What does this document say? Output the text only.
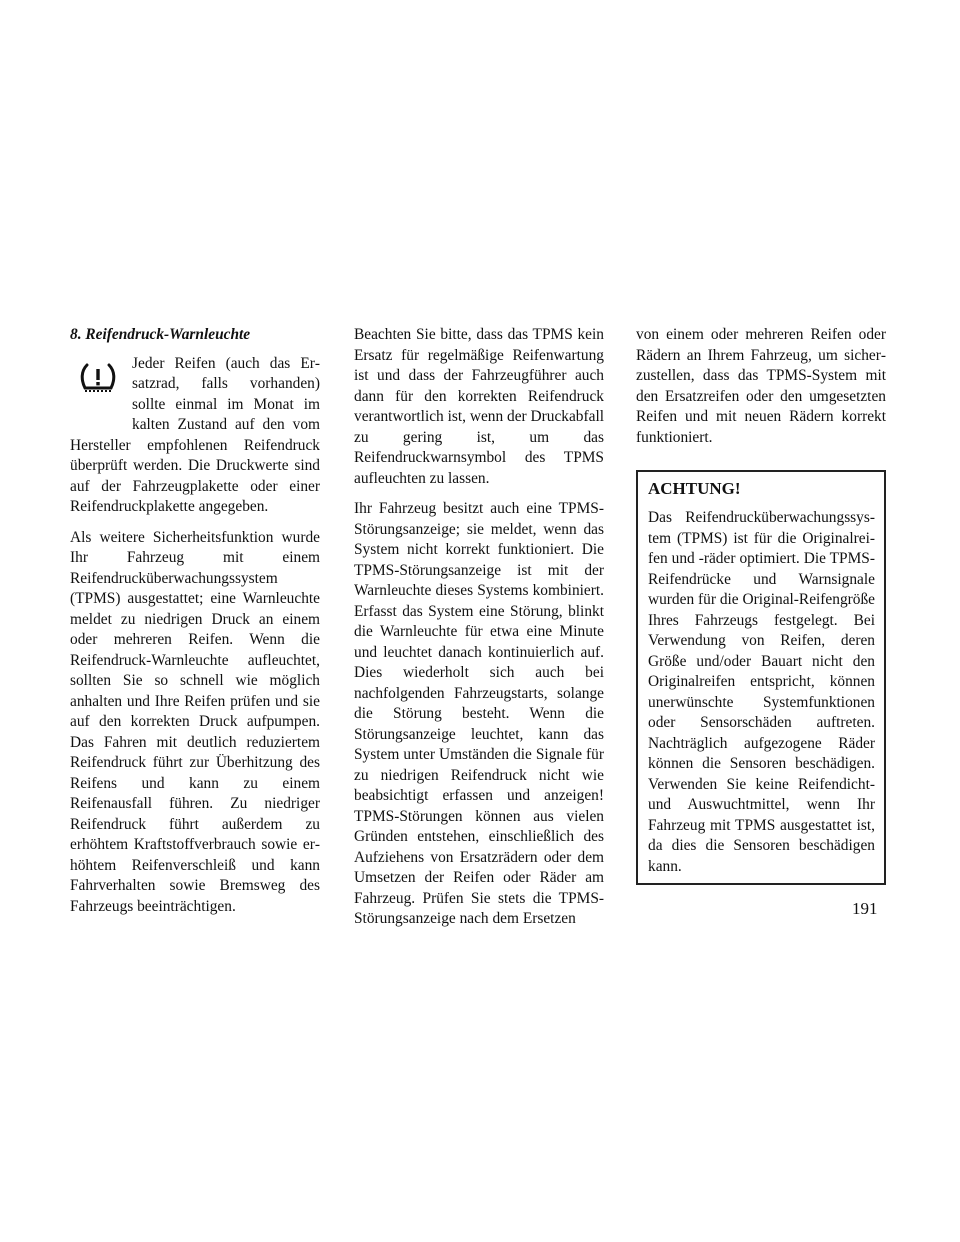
8. Reifendruck-Warnleuchte

Jeder Reifen (auch das Ersatzrad, falls vorhanden) sollte einmal im Monat im kalten Zustand auf den vom Hersteller empfohlenen Reifendruck überprüft werden. Die Druckwerte sind auf der Fahrzeugplakette oder einer Reifendruckplakette angegeben.

Als weitere Sicherheitsfunktion wurde Ihr Fahrzeug mit einem Reifendrucküberwachungssystem (TPMS) ausgestattet; eine Warnleuchte meldet zu niedrigen Druck an einem oder mehreren Reifen. Wenn die Reifendruck-Warnleuchte aufleuchtet, sollten Sie so schnell wie möglich anhalten und Ihre Reifen prüfen und sie auf den korrekten Druck aufpumpen. Das Fahren mit deutlich reduziertem Reifendruck führt zur Überhitzung des Reifens und kann zu einem Reifenausfall führen. Zu niedriger Reifendruck führt außerdem zu erhöhtem Kraftstoffverbrauch sowie erhöhtem Reifenverschleiß und kann Fahrverhalten sowie Bremsweg des Fahrzeugs beeinträchtigen.

Beachten Sie bitte, dass das TPMS kein Ersatz für regelmäßige Reifenwartung ist und dass der Fahrzeugführer auch dann für den korrekten Reifendruck verantwortlich ist, wenn der Druckabfall zu gering ist, um das Reifendruckwarnsymbol des TPMS aufleuchten zu lassen.

Ihr Fahrzeug besitzt auch eine TPMS-Störungsanzeige; sie meldet, wenn das System nicht korrekt funktioniert. Die TPMS-Störungsanzeige ist mit der Warnleuchte dieses Systems kombiniert. Erfasst das System eine Störung, blinkt die Warnleuchte für etwa eine Minute und leuchtet danach kontinuierlich auf. Dies wiederholt sich auch bei nachfolgenden Fahrzeugstarts, solange die Störung besteht. Wenn die Störungsanzeige leuchtet, kann das System unter Umständen die Signale für zu niedrigen Reifendruck nicht wie beabsichtigt erfassen und anzeigen! TPMS-Störungen können aus vielen Gründen entstehen, einschließlich des Aufziehens von Ersatzrädern oder dem Umsetzen der Reifen oder Räder am Fahrzeug. Prüfen Sie stets die TPMS-Störungsanzeige nach dem Ersetzen

von einem oder mehreren Reifen oder Rädern an Ihrem Fahrzeug, um sicherzustellen, dass das TPMS-System mit den Ersatzreifen oder den umgesetzten Reifen und mit neuen Rädern korrekt funktioniert.

ACHTUNG!

Das Reifendrucküberwachungssystem (TPMS) ist für die Originalreifen und -räder optimiert. Die TPMS-Reifendrücke und Warnsignale wurden für die Original-Reifengröße Ihres Fahrzeugs festgelegt. Bei Verwendung von Reifen, deren Größe und/oder Bauart nicht den Originalreifen entspricht, können unerwünschte Systemfunktionen oder Sensorschäden auftreten. Nachträglich aufgezogene Räder können die Sensoren beschädigen. Verwenden Sie keine Reifendicht- und Auswuchtmittel, wenn Ihr Fahrzeug mit TPMS ausgestattet ist, da dies die Sensoren beschädigen kann.

191
